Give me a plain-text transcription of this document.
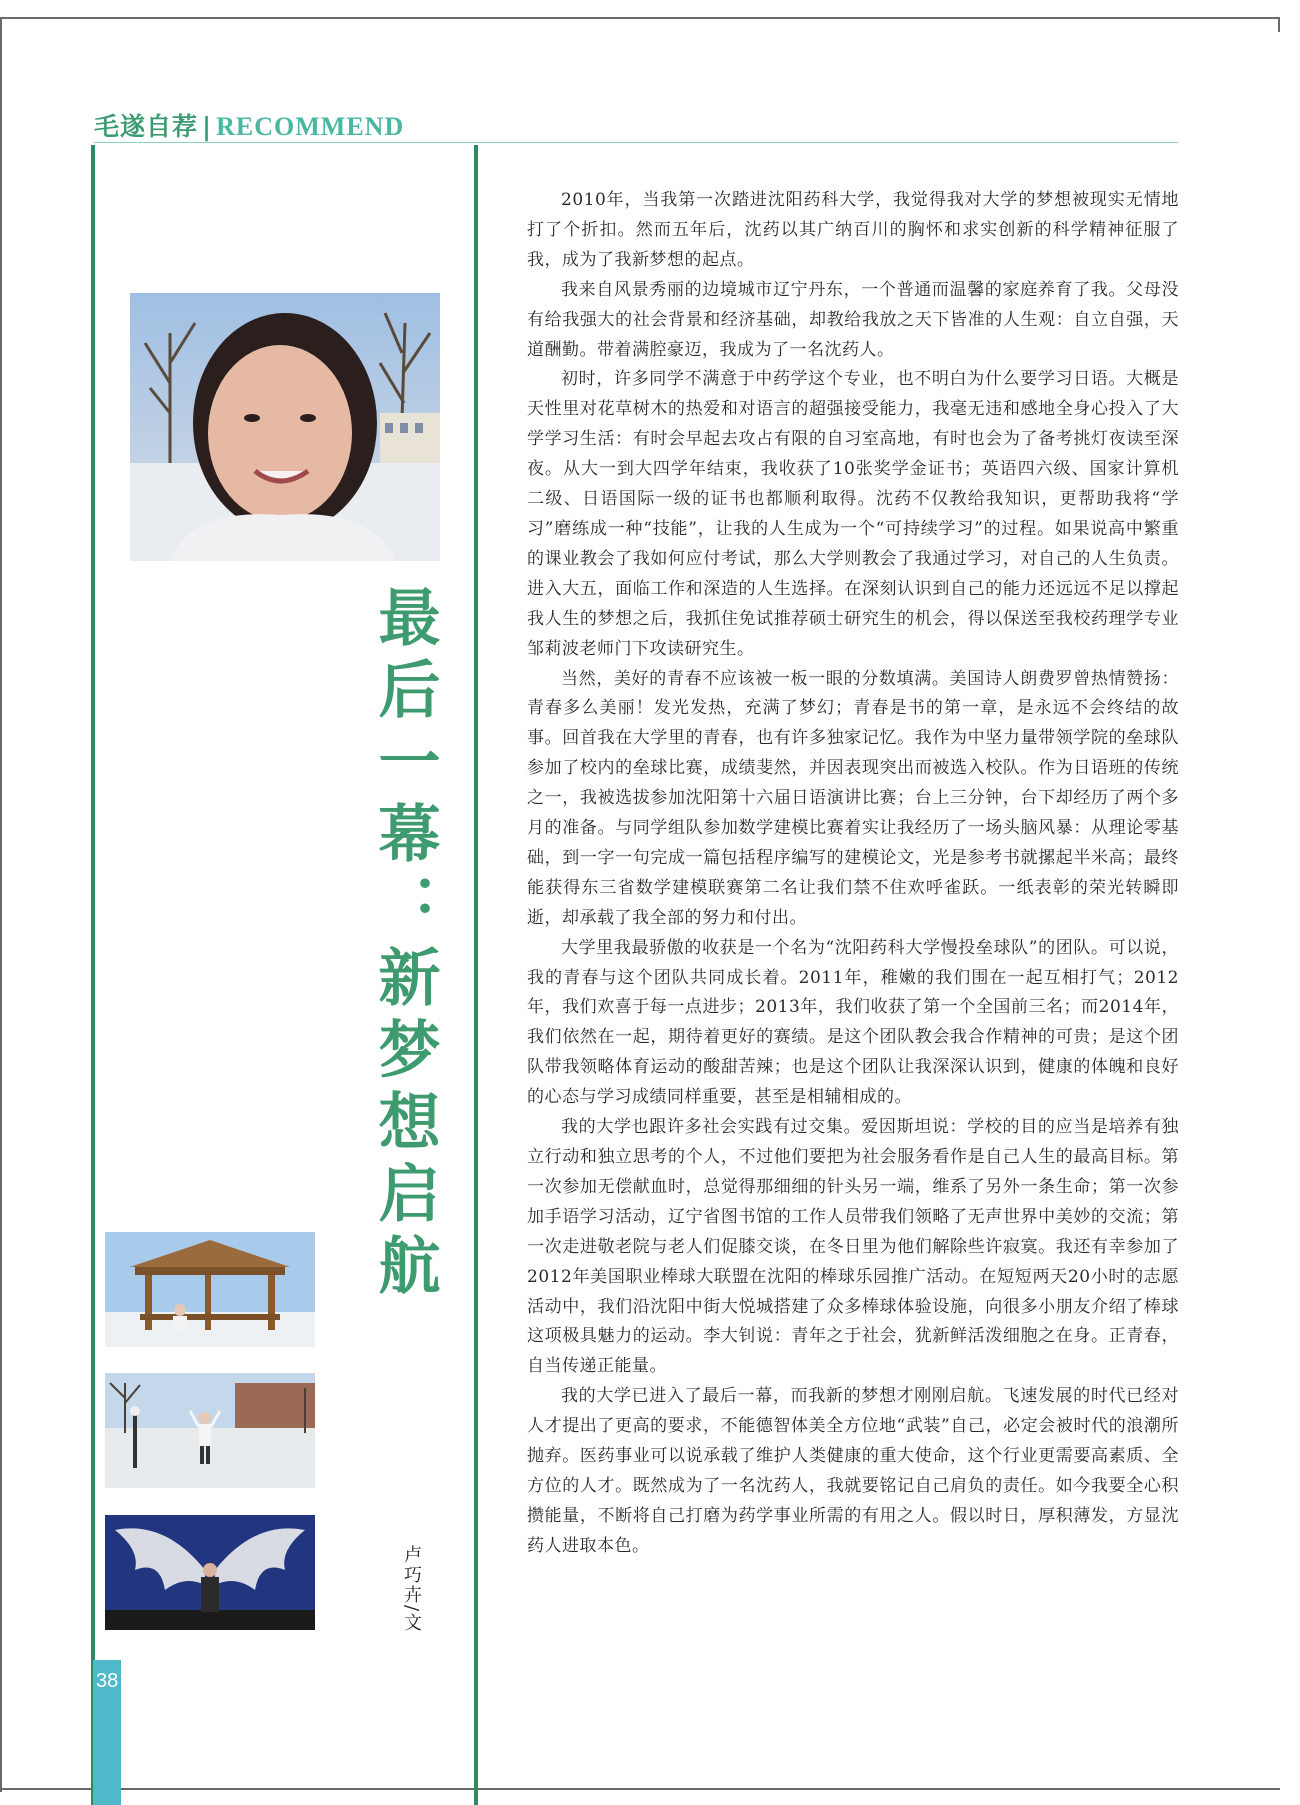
毛遂自荐 | RECOMMEND
38
最后一幕：新梦想启航
卢巧卉/文

2010年，当我第一次踏进沈阳药科大学，我觉得我对大学的梦想被现实无情地打了个折扣。然而五年后，沈药以其广纳百川的胸怀和求实创新的科学精神征服了我，成为了我新梦想的起点。

我来自风景秀丽的边境城市辽宁丹东，一个普通而温馨的家庭养育了我。父母没有给我强大的社会背景和经济基础，却教给我放之天下皆准的人生观：自立自强，天道酬勤。带着满腔豪迈，我成为了一名沈药人。

初时，许多同学不满意于中药学这个专业，也不明白为什么要学习日语。大概是天性里对花草树木的热爱和对语言的超强接受能力，我毫无违和感地全身心投入了大学学习生活：有时会早起去攻占有限的自习室高地，有时也会为了备考挑灯夜读至深夜。从大一到大四学年结束，我收获了10张奖学金证书；英语四六级、国家计算机二级、日语国际一级的证书也都顺利取得。沈药不仅教给我知识，更帮助我将“学习”磨练成一种“技能”，让我的人生成为一个“可持续学习”的过程。如果说高中繁重的课业教会了我如何应付考试，那么大学则教会了我通过学习，对自己的人生负责。进入大五，面临工作和深造的人生选择。在深刻认识到自己的能力还远远不足以撑起我人生的梦想之后，我抓住免试推荐硕士研究生的机会，得以保送至我校药理学专业邹莉波老师门下攻读研究生。

当然，美好的青春不应该被一板一眼的分数填满。美国诗人朗费罗曾热情赞扬：青春多么美丽！发光发热，充满了梦幻；青春是书的第一章，是永远不会终结的故事。回首我在大学里的青春，也有许多独家记忆。我作为中坚力量带领学院的垒球队参加了校内的垒球比赛，成绩斐然，并因表现突出而被选入校队。作为日语班的传统之一，我被选拔参加沈阳第十六届日语演讲比赛；台上三分钟，台下却经历了两个多月的准备。与同学组队参加数学建模比赛着实让我经历了一场头脑风暴：从理论零基础，到一字一句完成一篇包括程序编写的建模论文，光是参考书就摞起半米高；最终能获得东三省数学建模联赛第二名让我们禁不住欢呼雀跃。一纸表彰的荣光转瞬即逝，却承载了我全部的努力和付出。

大学里我最骄傲的收获是一个名为“沈阳药科大学慢投垒球队”的团队。可以说，我的青春与这个团队共同成长着。2011年，稚嫩的我们围在一起互相打气；2012年，我们欢喜于每一点进步；2013年，我们收获了第一个全国前三名；而2014年，我们依然在一起，期待着更好的赛绩。是这个团队教会我合作精神的可贵；是这个团队带我领略体育运动的酸甜苦辣；也是这个团队让我深深认识到，健康的体魄和良好的心态与学习成绩同样重要，甚至是相辅相成的。

我的大学也跟许多社会实践有过交集。爱因斯坦说：学校的目的应当是培养有独立行动和独立思考的个人，不过他们要把为社会服务看作是自己人生的最高目标。第一次参加无偿献血时，总觉得那细细的针头另一端，维系了另外一条生命；第一次参加手语学习活动，辽宁省图书馆的工作人员带我们领略了无声世界中美妙的交流；第一次走进敬老院与老人们促膝交谈，在冬日里为他们解除些许寂寞。我还有幸参加了2012年美国职业棒球大联盟在沈阳的棒球乐园推广活动。在短短两天20小时的志愿活动中，我们沿沈阳中街大悦城搭建了众多棒球体验设施，向很多小朋友介绍了棒球这项极具魅力的运动。李大钊说：青年之于社会，犹新鲜活泼细胞之在身。正青春，自当传递正能量。

我的大学已进入了最后一幕，而我新的梦想才刚刚启航。飞速发展的时代已经对人才提出了更高的要求，不能德智体美全方位地“武装”自己，必定会被时代的浪潮所抛弃。医药事业可以说承载了维护人类健康的重大使命，这个行业更需要高素质、全方位的人才。既然成为了一名沈药人，我就要铭记自己肩负的责任。如今我要全心积攒能量，不断将自己打磨为药学事业所需的有用之人。假以时日，厚积薄发，方显沈药人进取本色。
